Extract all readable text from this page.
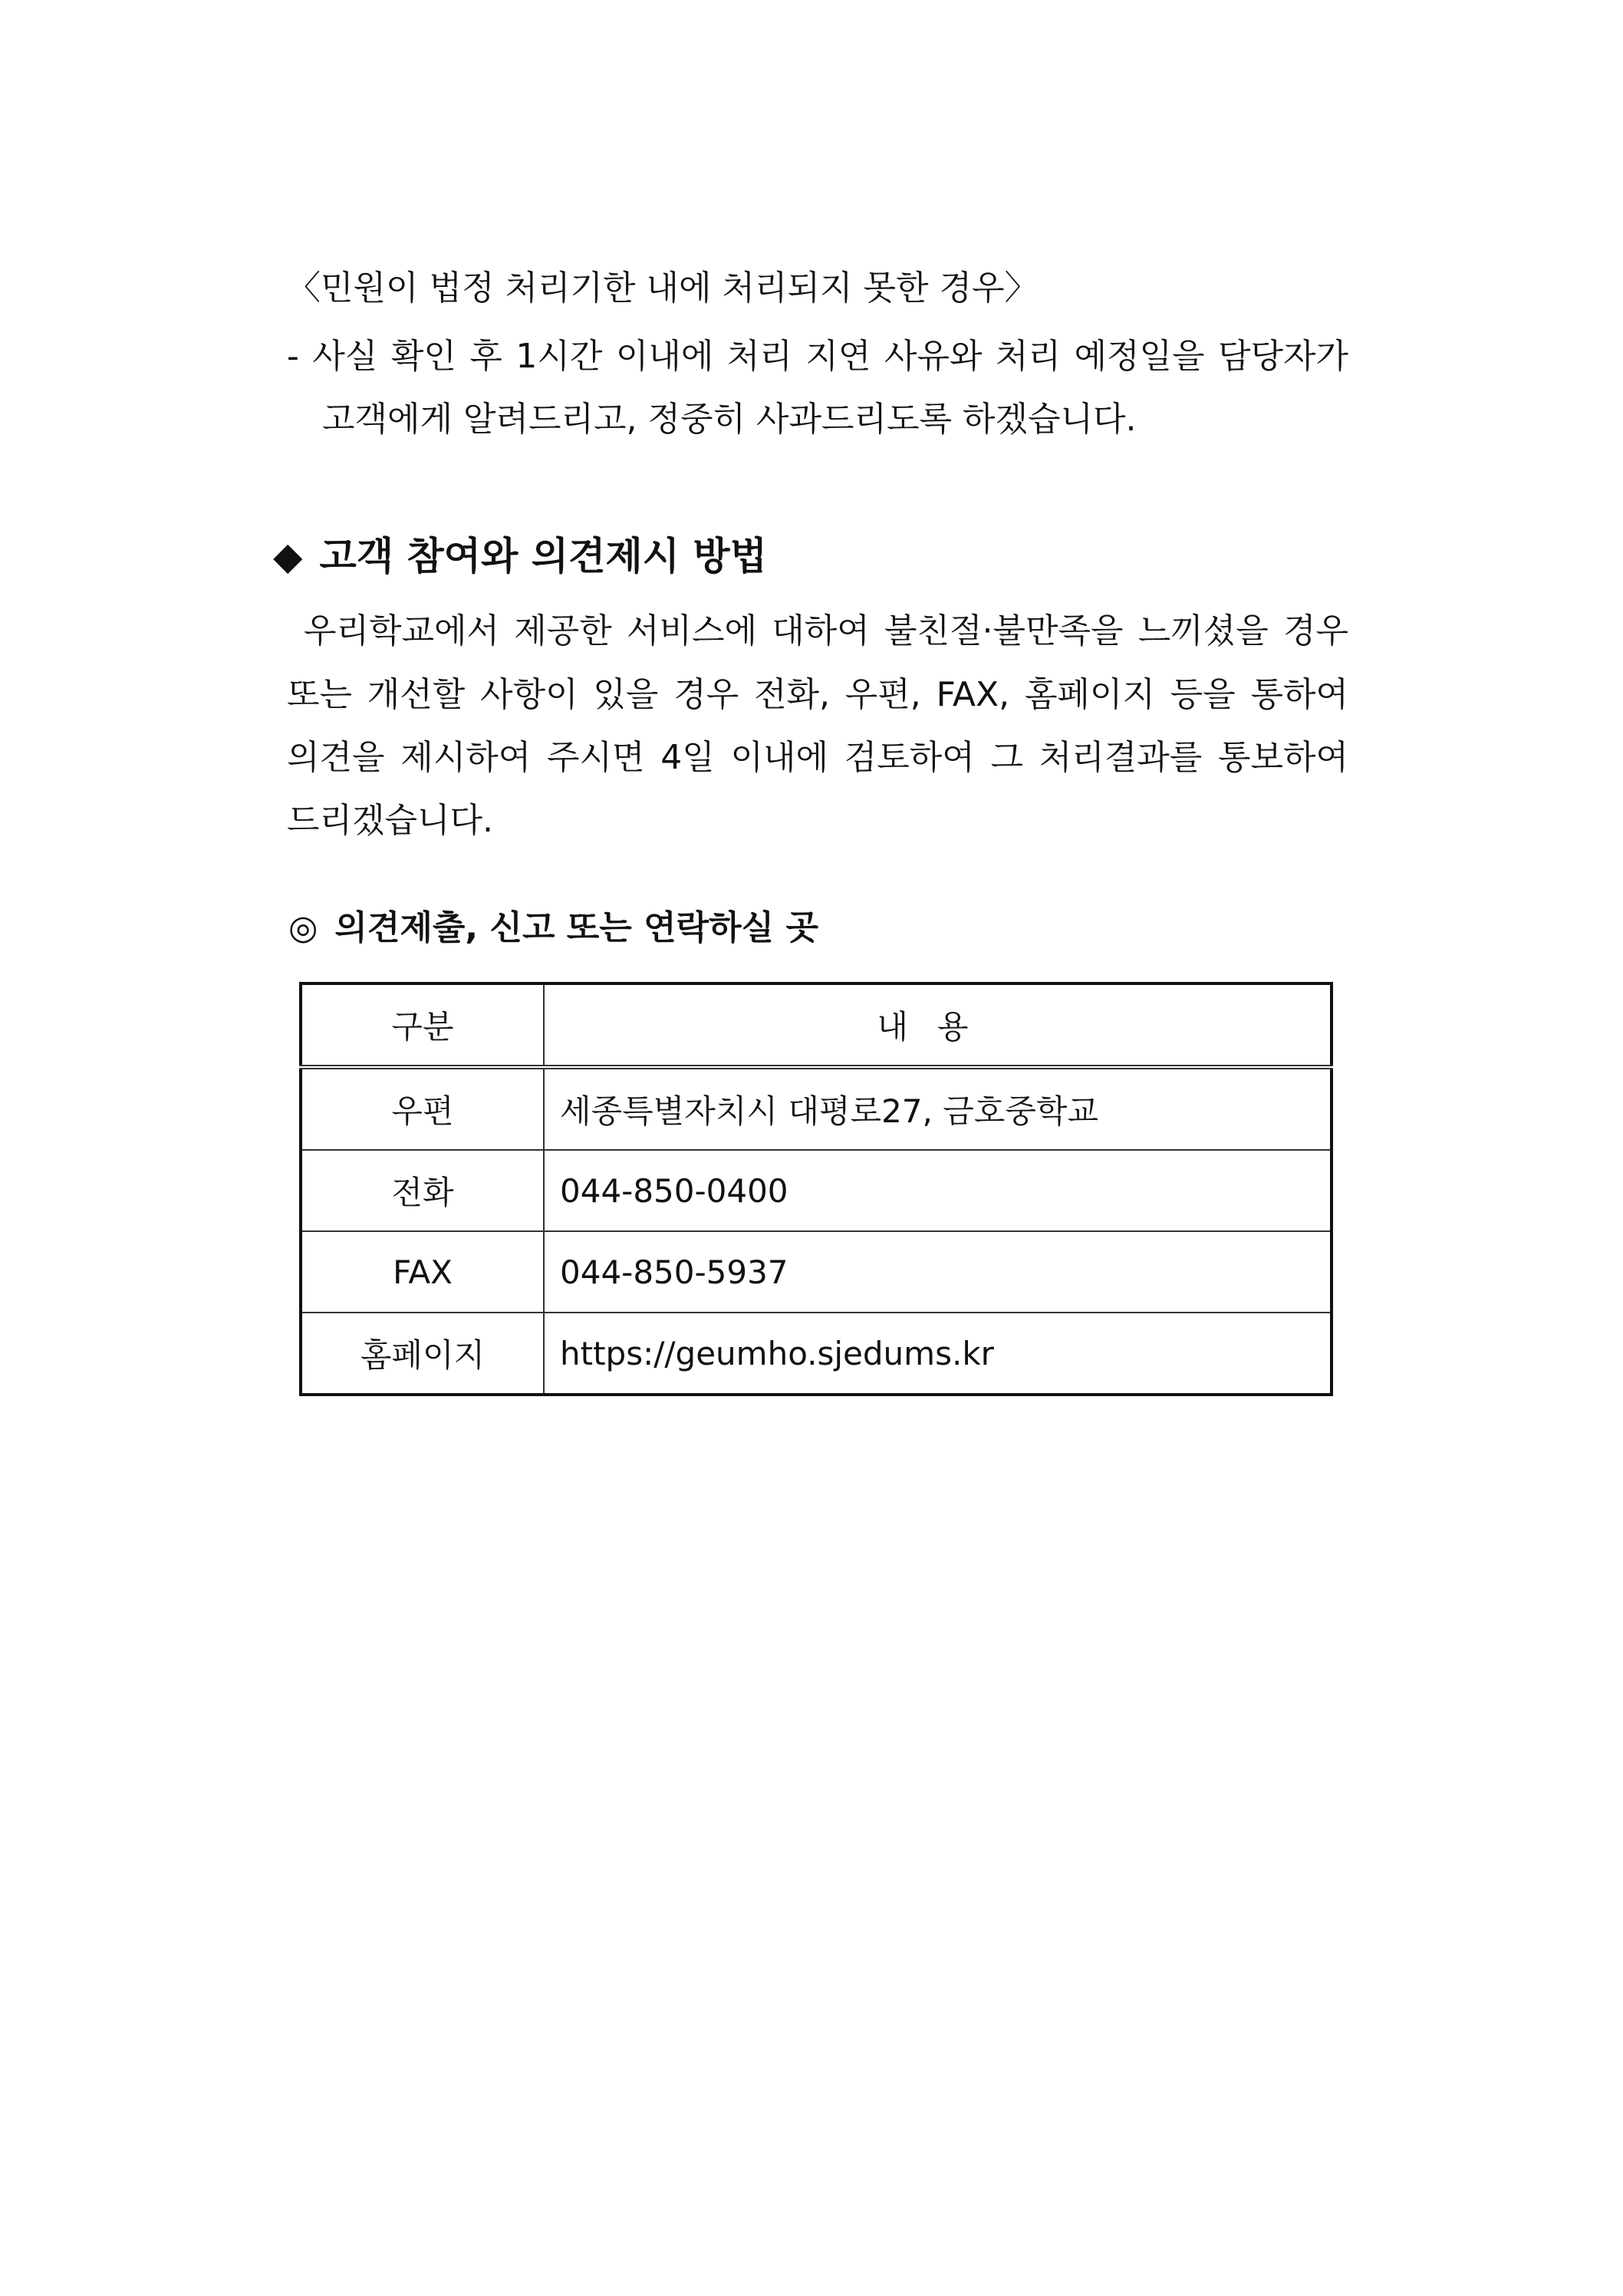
〈민원이 법정 처리기한 내에 처리되지 못한 경우〉
- 사실 확인 후 1시간 이내에 처리 지연 사유와 처리 예정일을 담당자가
고객에게 알려드리고, 정중히 사과드리도록 하겠습니다.
◆ 고객 참여와 의견제시 방법
우리학교에서 제공한 서비스에 대하여 불친절·불만족을 느끼셨을 경우
또는 개선할 사항이 있을 경우 전화, 우편, FAX, 홈페이지 등을 통하여
의견을 제시하여 주시면 4일 이내에 검토하여 그 처리결과를 통보하여
드리겠습니다.
◎ 의견제출, 신고 또는 연락하실 곳
구분	내용
우편	세종특별자치시 대평로27, 금호중학교
전화	044-850-0400
FAX	044-850-5937
홈페이지	https://geumho.sjedums.kr
